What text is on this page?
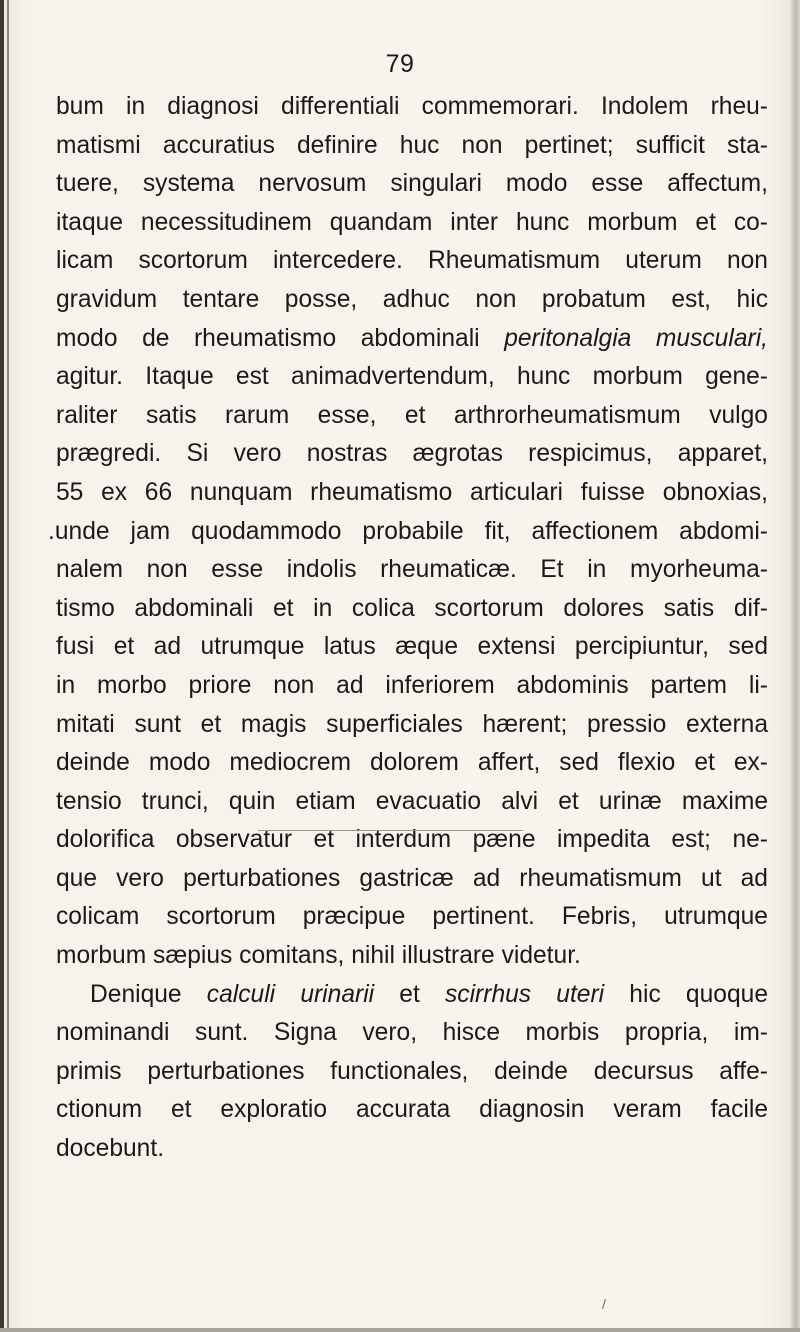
79
bum in diagnosi differentiali commemorari. Indolem rheu-
matismi accuratius definire huc non pertinet; sufficit sta-
tuere, systema nervosum singulari modo esse affectum,
itaque necessitudinem quandam inter hunc morbum et co-
licam scortorum intercedere. Rheumatismum uterum non
gravidum tentare posse, adhuc non probatum est, hic
modo de rheumatismo abdominali peritonalgia musculari,
agitur. Itaque est animadvertendum, hunc morbum gene-
raliter satis rarum esse, et arthrorheumatismum vulgo
prægredi. Si vero nostras ægrotas respicimus, apparet,
55 ex 66 nunquam rheumatismo articulari fuisse obnoxias,
.unde jam quodammodo probabile fit, affectionem abdomi-
nalem non esse indolis rheumaticæ. Et in myorheuma-
tismo abdominali et in colica scortorum dolores satis dif-
fusi et ad utrumque latus æque extensi percipiuntur, sed
in morbo priore non ad inferiorem abdominis partem li-
mitati sunt et magis superficiales hærent; pressio externa
deinde modo mediocrem dolorem affert, sed flexio et ex-
tensio trunci, quin etiam evacuatio alvi et urinæ maxime
dolorifica observatur et interdum pæne impedita est; ne-
que vero perturbationes gastricæ ad rheumatismum ut ad
colicam scortorum præcipue pertinent. Febris, utrumque
morbum sæpius comitans, nihil illustrare videtur.
Denique calculi urinarii et scirrhus uteri hic quoque
nominandi sunt. Signa vero, hisce morbis propria, im-
primis perturbationes functionales, deinde decursus affe-
ctionum et exploratio accurata diagnosin veram facile
docebunt.
/
